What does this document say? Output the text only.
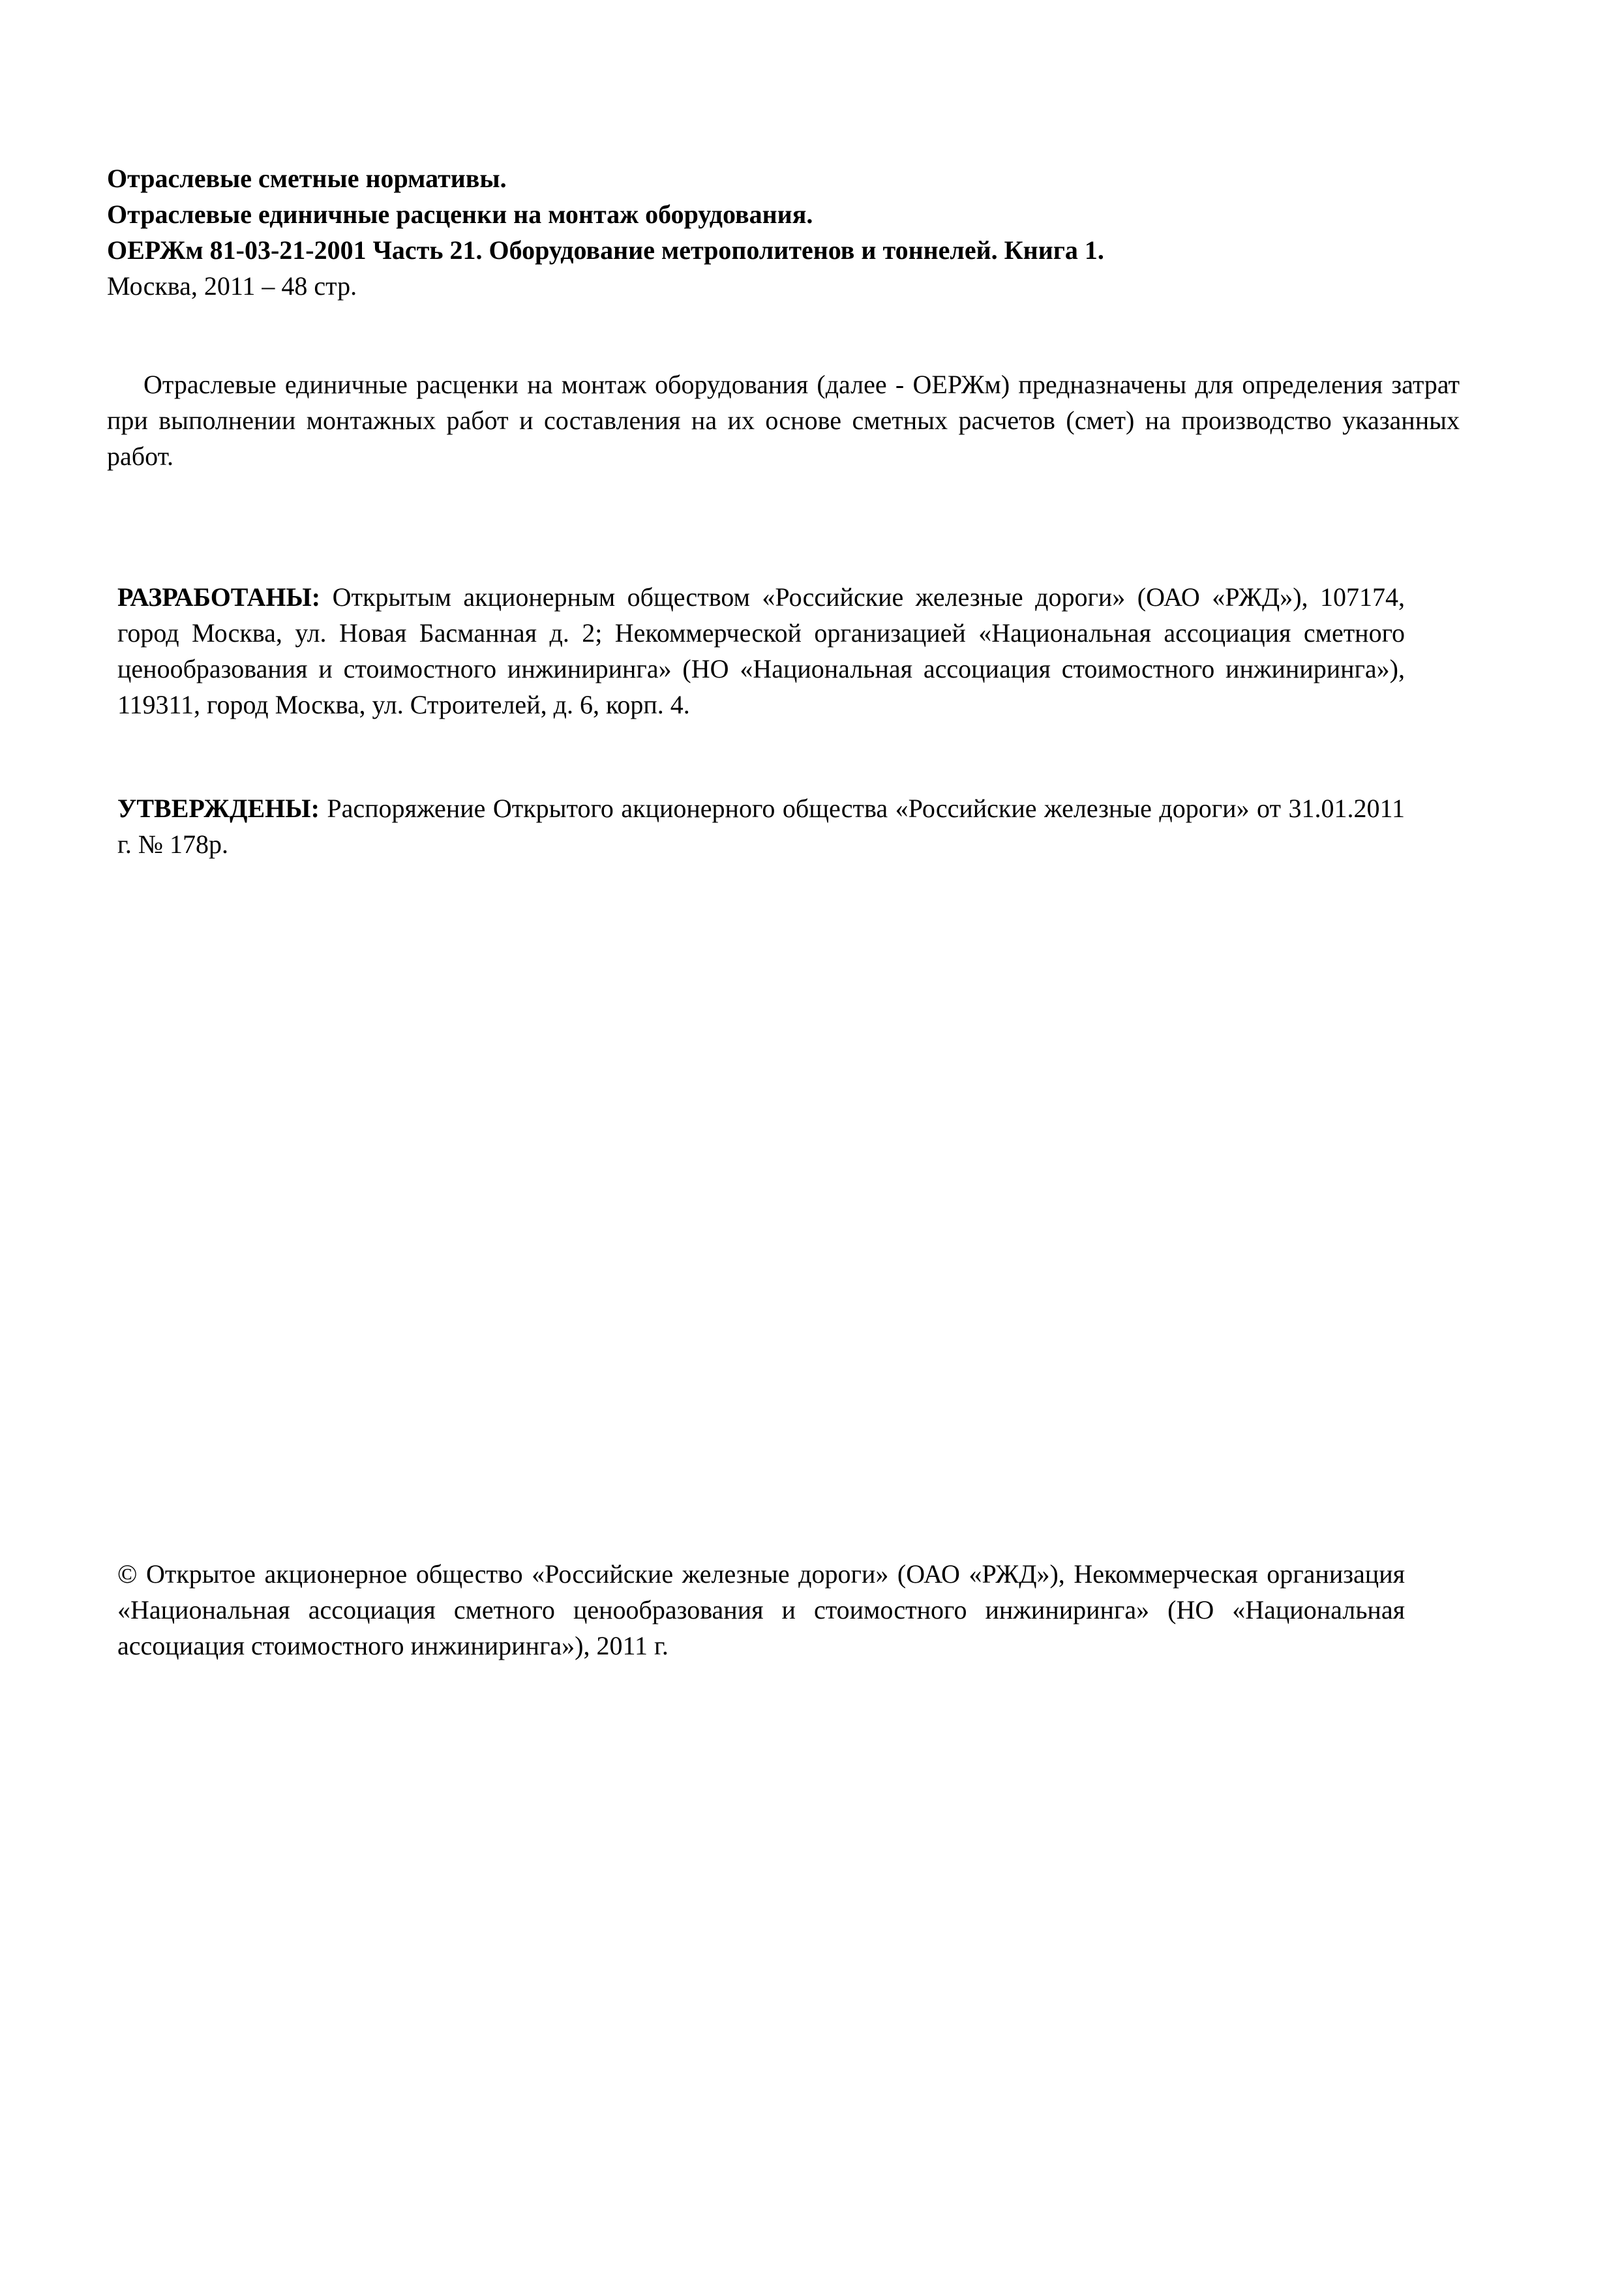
Отраслевые сметные нормативы.
Отраслевые единичные расценки на монтаж оборудования.
ОЕРЖм 81-03-21-2001 Часть 21. Оборудование метрополитенов и тоннелей. Книга 1.
Москва, 2011 – 48 стр.

Отраслевые единичные расценки на монтаж оборудования (далее - ОЕРЖм) предназначены для определения затрат при выполнении монтажных работ и составления на их основе сметных расчетов (смет) на производство указанных работ.

РАЗРАБОТАНЫ: Открытым акционерным обществом «Российские железные дороги» (ОАО «РЖД»), 107174, город Москва, ул. Новая Басманная д. 2; Некоммерческой организацией «Национальная ассоциация сметного ценообразования и стоимостного инжиниринга» (НО «Национальная ассоциация стоимостного инжиниринга»), 119311, город Москва, ул. Строителей, д. 6, корп. 4.

УТВЕРЖДЕНЫ: Распоряжение Открытого акционерного общества «Российские железные дороги» от 31.01.2011 г. № 178р.

© Открытое акционерное общество «Российские железные дороги» (ОАО «РЖД»), Некоммерческая организация «Национальная ассоциация сметного ценообразования и стоимостного инжиниринга» (НО «Национальная ассоциация стоимостного инжиниринга»), 2011 г.
